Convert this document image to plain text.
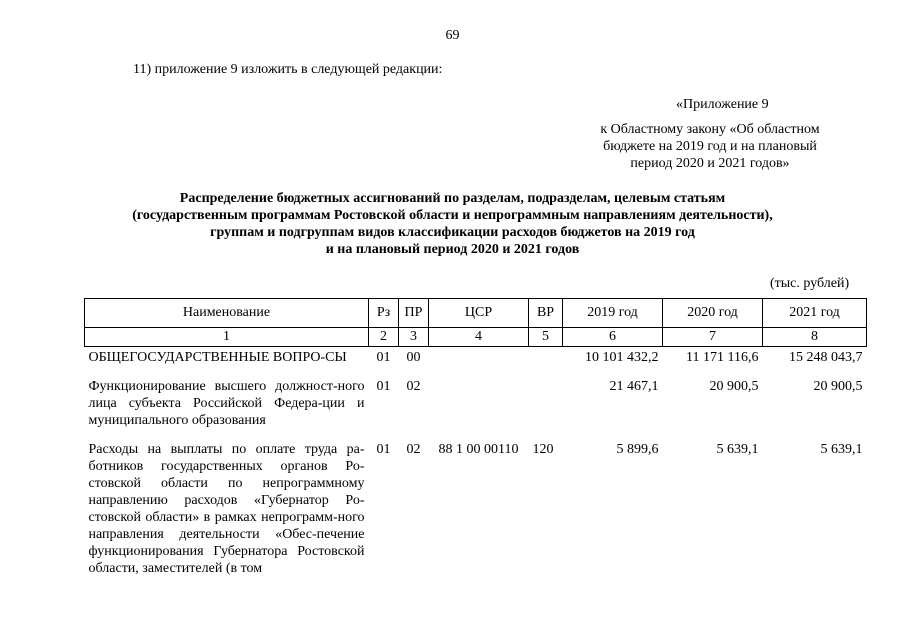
69
11) приложение 9 изложить в следующей редакции:
«Приложение 9
к Областному закону «Об областном
бюджете на 2019 год и на плановый
период 2020 и 2021 годов»
Распределение бюджетных ассигнований по разделам, подразделам, целевым статьям
(государственным программам Ростовской области и непрограммным направлениям деятельности),
группам и подгруппам видов классификации расходов бюджетов на 2019 год
и на плановый период 2020 и 2021 годов
(тыс. рублей)
Наименование	Рз	ПР	ЦСР	ВР	2019 год	2020 год	2021 год
1	2	3	4	5	6	7	8
ОБЩЕГОСУДАРСТВЕННЫЕ ВОПРО-СЫ	01	00			10 101 432,2	11 171 116,6	15 248 043,7
Функционирование высшего должност-ного лица субъекта Российской Федера-ции и муниципального образования	01	02			21 467,1	20 900,5	20 900,5
Расходы на выплаты по оплате труда ра-ботников государственных органов Ро-стовской области по непрограммному направлению расходов «Губернатор Ро-стовской области» в рамках непрограмм-ного направления деятельности «Обес-печение функционирования Губернатора Ростовской области, заместителей (в том	01	02	88 1 00 00110	120	5 899,6	5 639,1	5 639,1
